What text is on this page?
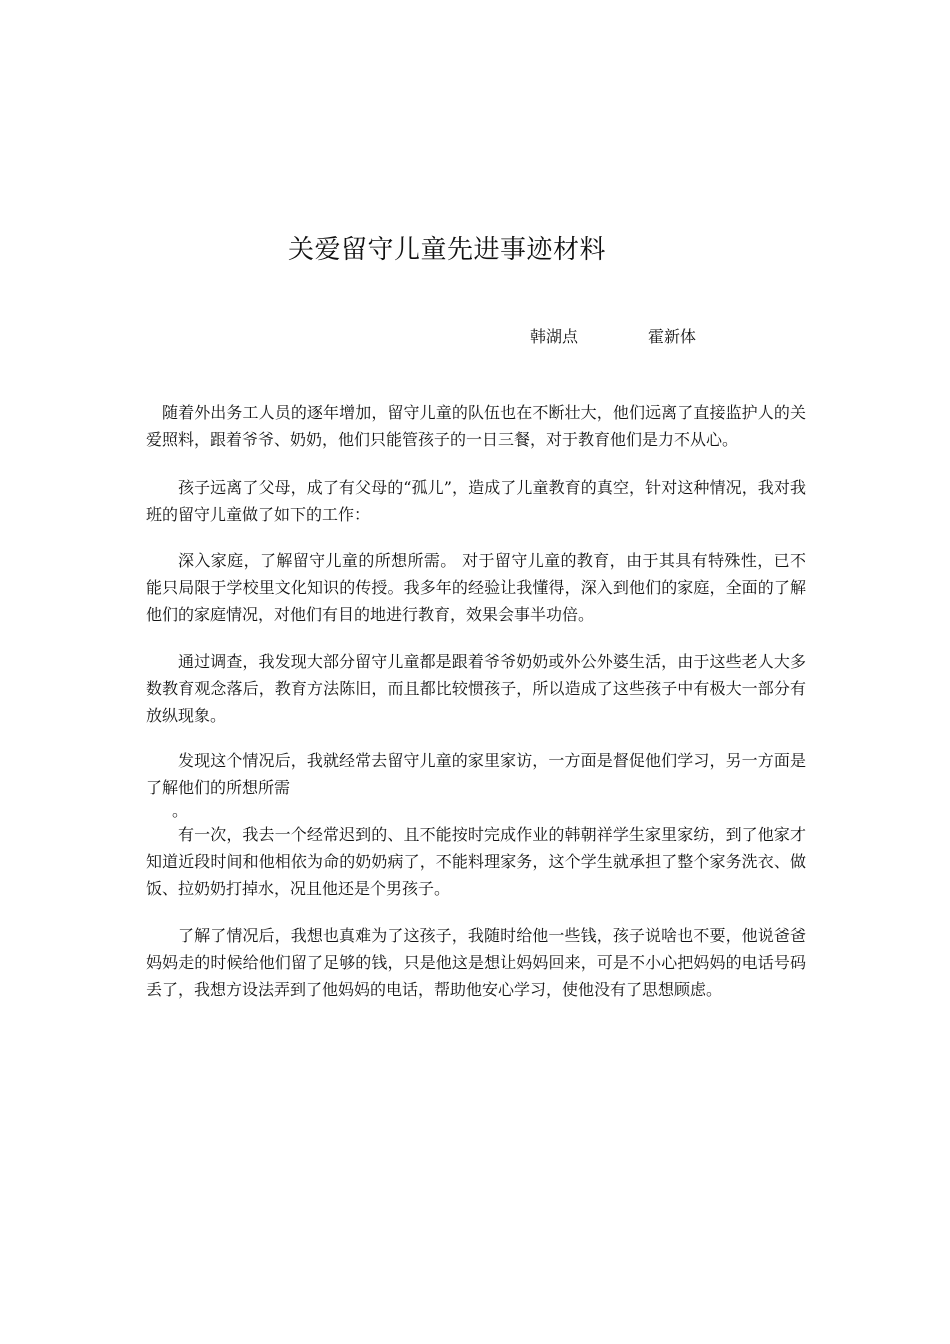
关爱留守儿童先进事迹材料
韩湖点	霍新体

随着外出务工人员的逐年增加，留守儿童的队伍也在不断壮大，他们远离了直接监护人的关爱照料，跟着爷爷、奶奶，他们只能管孩子的一日三餐，对于教育他们是力不从心。

孩子远离了父母，成了有父母的“孤儿”，造成了儿童教育的真空，针对这种情况，我对我班的留守儿童做了如下的工作：

深入家庭，了解留守儿童的所想所需。 对于留守儿童的教育，由于其具有特殊性，已不能只局限于学校里文化知识的传授。我多年的经验让我懂得，深入到他们的家庭，全面的了解他们的家庭情况，对他们有目的地进行教育，效果会事半功倍。

通过调查，我发现大部分留守儿童都是跟着爷爷奶奶或外公外婆生活，由于这些老人大多数教育观念落后，教育方法陈旧，而且都比较惯孩子，所以造成了这些孩子中有极大一部分有放纵现象。

发现这个情况后，我就经常去留守儿童的家里家访，一方面是督促他们学习，另一方面是了解他们的所想所需

。

有一次，我去一个经常迟到的、且不能按时完成作业的韩朝祥学生家里家纺，到了他家才知道近段时间和他相依为命的奶奶病了，不能料理家务，这个学生就承担了整个家务洗衣、做饭、拉奶奶打掉水，况且他还是个男孩子。

了解了情况后，我想也真难为了这孩子，我随时给他一些钱，孩子说啥也不要，他说爸爸妈妈走的时候给他们留了足够的钱，只是他这是想让妈妈回来，可是不小心把妈妈的电话号码丢了，我想方设法弄到了他妈妈的电话，帮助他安心学习，使他没有了思想顾虑。
